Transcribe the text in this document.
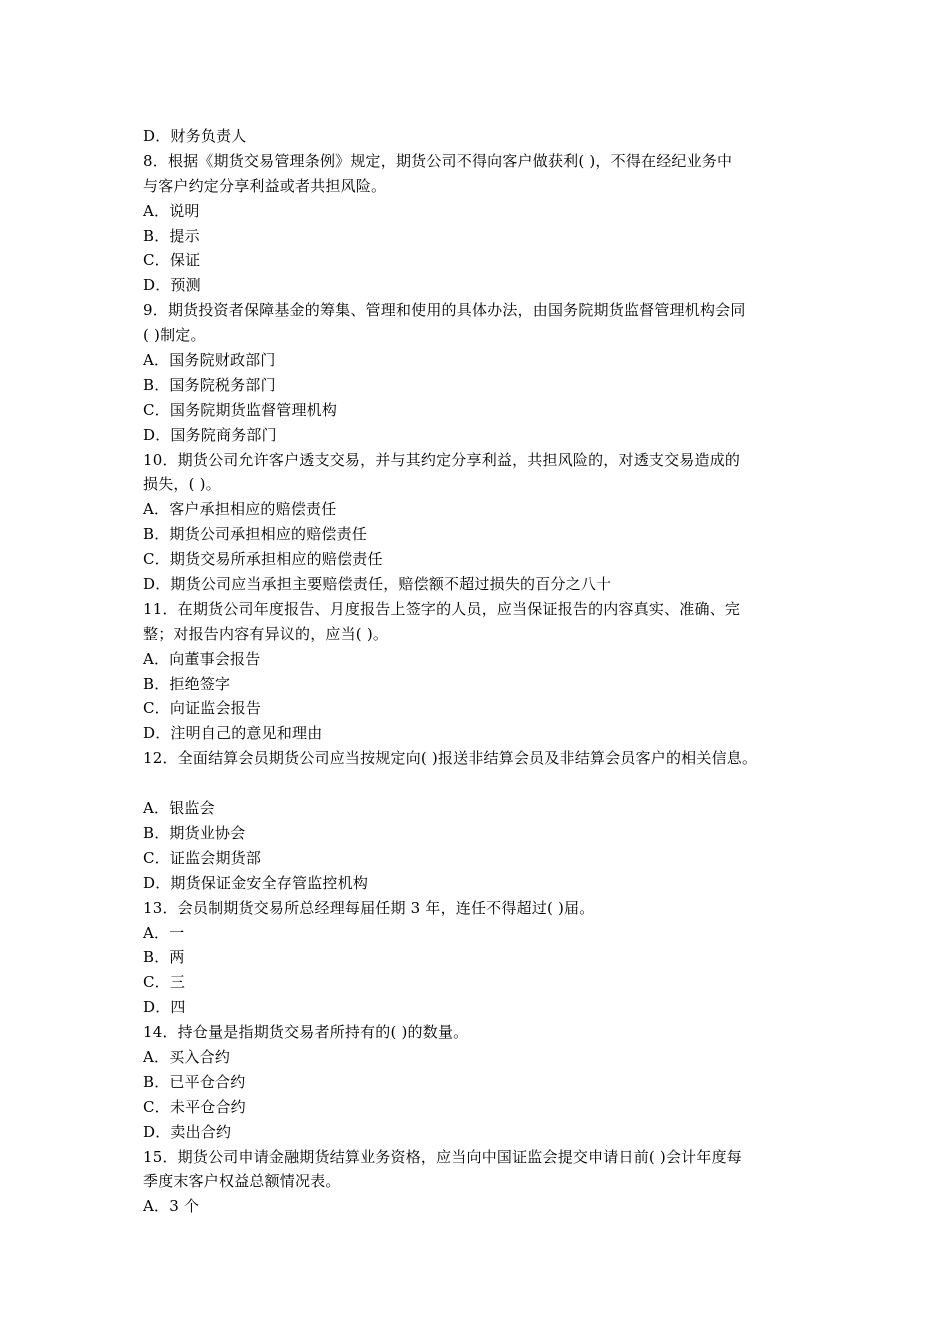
D．财务负责人
8．根据《期货交易管理条例》规定，期货公司不得向客户做获利( )，不得在经纪业务中
与客户约定分享利益或者共担风险。
A．说明
B．提示
C．保证
D．预测
9．期货投资者保障基金的筹集、管理和使用的具体办法，由国务院期货监督管理机构会同
( )制定。
A．国务院财政部门
B．国务院税务部门
C．国务院期货监督管理机构
D．国务院商务部门
10．期货公司允许客户透支交易，并与其约定分享利益，共担风险的，对透支交易造成的
损失，( )。
A．客户承担相应的赔偿责任
B．期货公司承担相应的赔偿责任
C．期货交易所承担相应的赔偿责任
D．期货公司应当承担主要赔偿责任，赔偿额不超过损失的百分之八十
11．在期货公司年度报告、月度报告上签字的人员，应当保证报告的内容真实、准确、完
整；对报告内容有异议的，应当( )。
A．向董事会报告
B．拒绝签字
C．向证监会报告
D．注明自己的意见和理由
12．全面结算会员期货公司应当按规定向( )报送非结算会员及非结算会员客户的相关信息。
A．银监会
B．期货业协会
C．证监会期货部
D．期货保证金安全存管监控机构
13．会员制期货交易所总经理每届任期 3 年，连任不得超过( )届。
A．一
B．两
C．三
D．四
14．持仓量是指期货交易者所持有的( )的数量。
A．买入合约
B．已平仓合约
C．未平仓合约
D．卖出合约
15．期货公司申请金融期货结算业务资格，应当向中国证监会提交申请日前( )会计年度每
季度末客户权益总额情况表。
A．3 个
